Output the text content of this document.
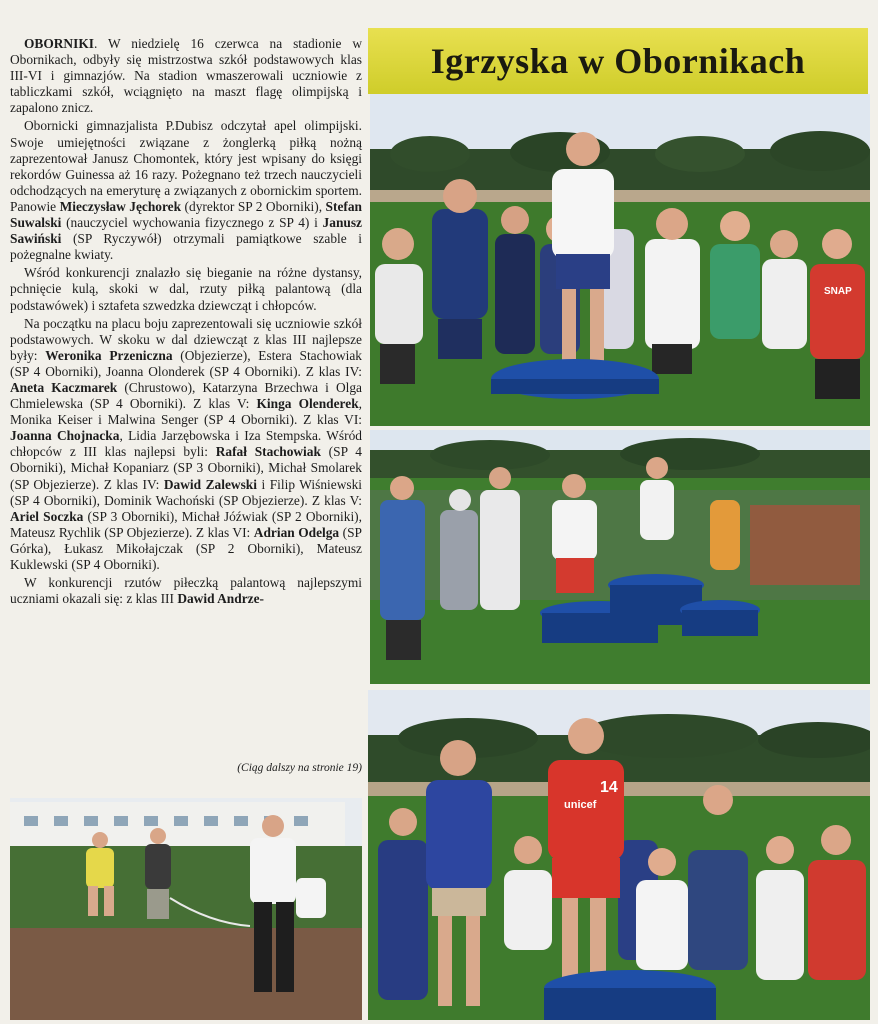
Igrzyska w Obornikach

OBORNIKI. W niedzielę 16 czerwca na stadionie w Obornikach, odbyły się mistrzostwa szkół podstawowych klas III-VI i gimnazjów. Na stadion wmaszerowali uczniowie z tabliczkami szkół, wciągnięto na maszt flagę olimpijską i zapalono znicz.

Obornicki gimnazjalista P.Dubisz odczytał apel olimpijski. Swoje umiejętności związane z żonglerką piłką nożną zaprezentował Janusz Chomontek, który jest wpisany do księgi rekordów Guinessa aż 16 razy. Pożegnano też trzech nauczycieli odchodzących na emeryturę a związanych z obornickim sportem. Panowie Mieczysław Jęchorek (dyrektor SP 2 Oborniki), Stefan Suwalski (nauczyciel wychowania fizycznego z SP 4) i Janusz Sawiński (SP Ryczywół) otrzymali pamiątkowe szable i pożegnalne kwiaty.

Wśród konkurencji znalazło się bieganie na różne dystansy, pchnięcie kulą, skoki w dal, rzuty piłką palantową (dla podstawówek) i sztafeta szwedzka dziewcząt i chłopców.

Na początku na placu boju zaprezentowali się uczniowie szkół podstawowych. W skoku w dal dziewcząt z klas III najlepsze były: Weronika Przeniczna (Objezierze), Estera Stachowiak (SP 4 Oborniki), Joanna Olonderek (SP 4 Oborniki). Z klas IV: Aneta Kaczmarek (Chrustowo), Katarzyna Brzechwa i Olga Chmielewska (SP 4 Oborniki). Z klas V: Kinga Olenderek, Monika Keiser i Malwina Senger (SP 4 Oborniki). Z klas VI: Joanna Chojnacka, Lidia Jarzębowska i Iza Stempska. Wśród chłopców z III klas najlepsi byli: Rafał Stachowiak (SP 4 Oborniki), Michał Kopaniarz (SP 3 Oborniki), Michał Smolarek (SP Objezierze). Z klas IV: Dawid Zalewski i Filip Wiśniewski (SP 4 Oborniki), Dominik Wachoński (SP Objezierze). Z klas V: Ariel Soczka (SP 3 Oborniki), Michał Jóźwiak (SP 2 Oborniki), Mateusz Rychlik (SP Objezierze). Z klas VI: Adrian Odelga (SP Górka), Łukasz Mikołajczak (SP 2 Oborniki), Mateusz Kuklewski (SP 4 Oborniki).

W konkurencji rzutów piłeczką palantową najlepszymi uczniami okazali się: z klas III Dawid Andrze-

(Ciąg dalszy na stronie 19)
SNAP
14
unicef
